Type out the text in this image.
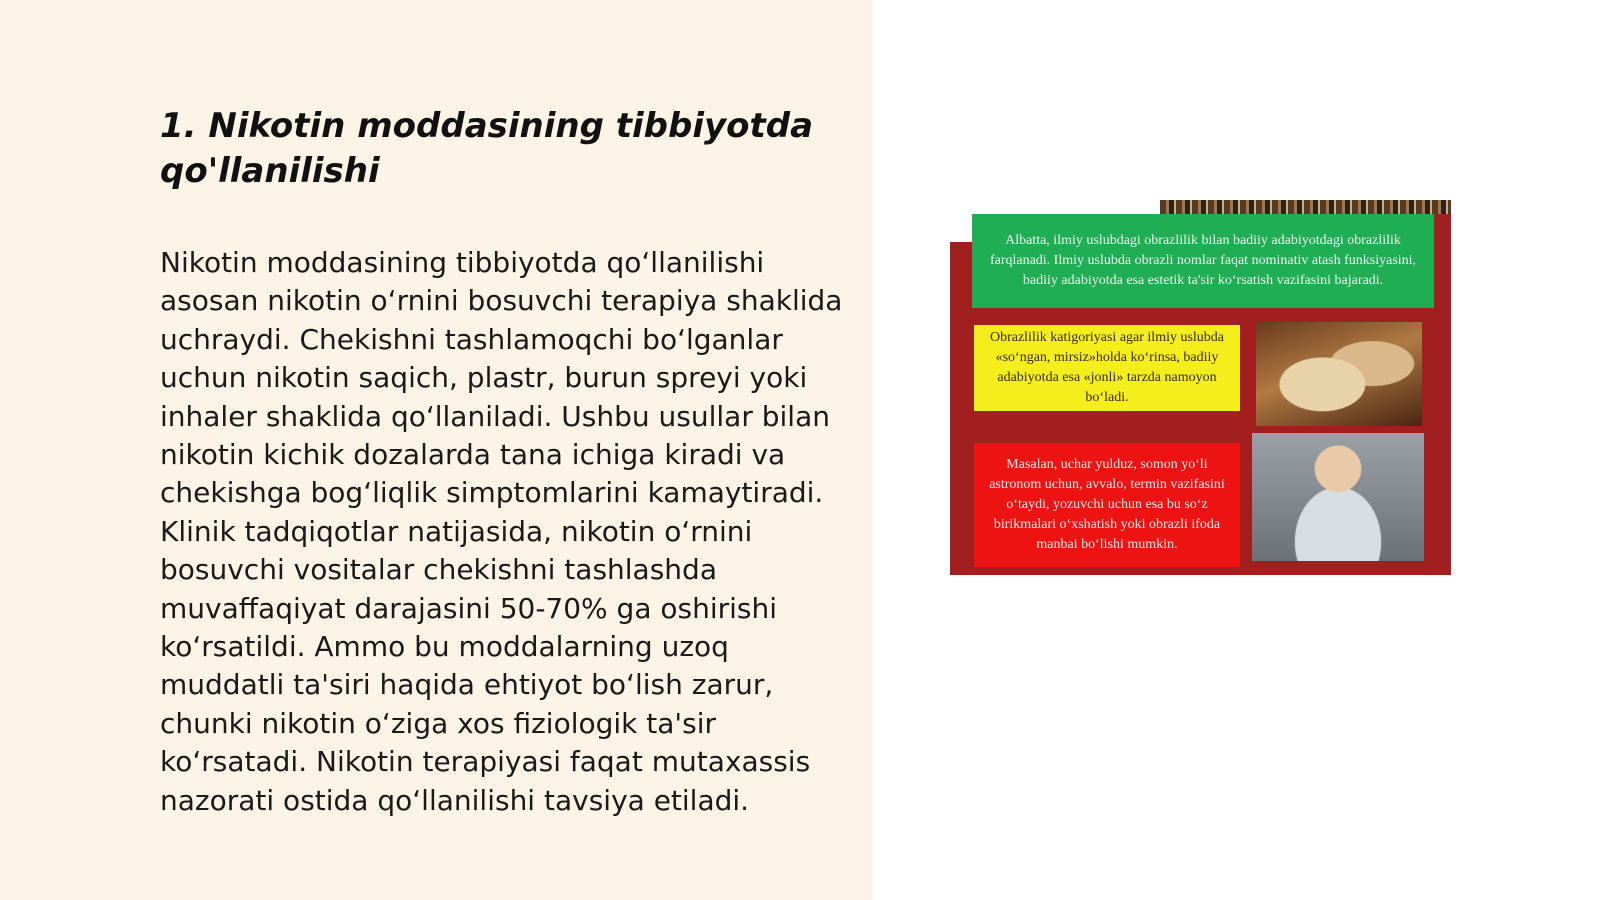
1. Nikotin moddasining tibbiyotda qo'llanilishi

Nikotin moddasining tibbiyotda qo‘llanilishi asosan nikotin o‘rnini bosuvchi terapiya shaklida uchraydi. Chekishni tashlamoqchi bo‘lganlar uchun nikotin saqich, plastr, burun spreyi yoki inhaler shaklida qo‘llaniladi. Ushbu usullar bilan nikotin kichik dozalarda tana ichiga kiradi va chekishga bog‘liqlik simptomlarini kamaytiradi. Klinik tadqiqotlar natijasida, nikotin o‘rnini bosuvchi vositalar chekishni tashlashda muvaffaqiyat darajasini 50-70% ga oshirishi ko‘rsatildi. Ammo bu moddalarning uzoq muddatli ta'siri haqida ehtiyot bo‘lish zarur, chunki nikotin o‘ziga xos fiziologik ta'sir ko‘rsatadi. Nikotin terapiyasi faqat mutaxassis nazorati ostida qo‘llanilishi tavsiya etiladi.

Albatta, ilmiy uslubdagi obrazlilik bilan badiiy adabiyotdagi obrazlilik farqlanadi. Ilmiy uslubda obrazli nomlar faqat nominativ atash funksiyasini, badiiy adabiyotda esa estetik ta'sir ko‘rsatish vazifasini bajaradi.
Obrazlilik katigoriyasi agar ilmiy uslubda «so‘ngan, mirsiz»holda ko‘rinsa, badiiy adabiyotda esa «jonli» tarzda namoyon bo‘ladi.
Masalan, uchar yulduz, somon yo‘li astronom uchun, avvalo, termin vazifasini o‘taydi, yozuvchi uchun esa bu so‘z birikmalari o‘xshatish yoki obrazli ifoda manbai bo‘lishi mumkin.
